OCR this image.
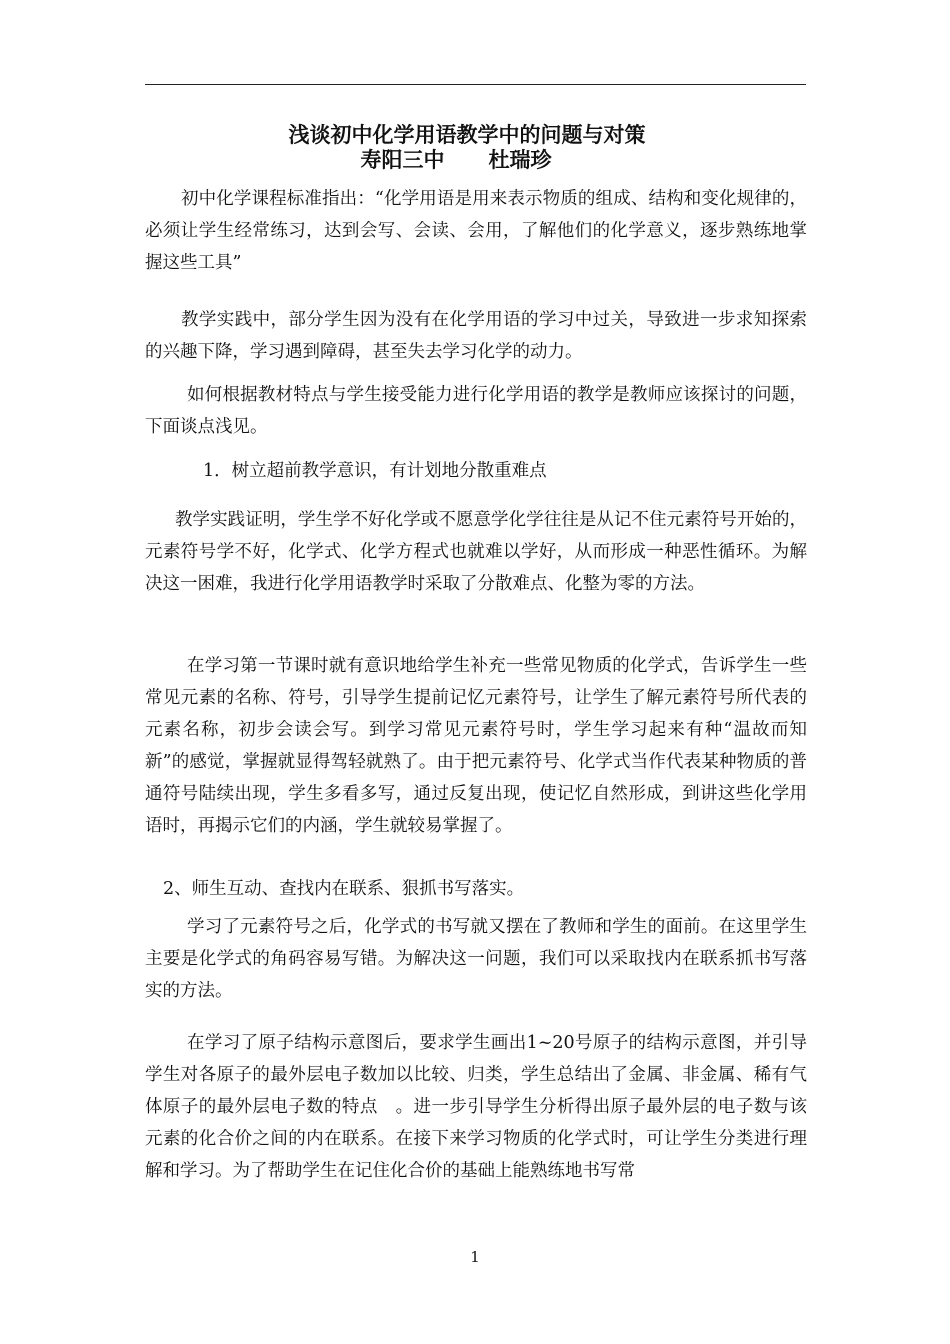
浅谈初中化学用语教学中的问题与对策
寿阳三中 杜瑞珍
初中化学课程标准指出：“化学用语是用来表示物质的组成、结构和变化规律的，必须让学生经常练习，达到会写、会读、会用，了解他们的化学意义，逐步熟练地掌握这些工具”
教学实践中，部分学生因为没有在化学用语的学习中过关，导致进一步求知探索的兴趣下降，学习遇到障碍，甚至失去学习化学的动力。
如何根据教材特点与学生接受能力进行化学用语的教学是教师应该探讨的问题，下面谈点浅见。
1．树立超前教学意识，有计划地分散重难点
教学实践证明，学生学不好化学或不愿意学化学往往是从记不住元素符号开始的，元素符号学不好，化学式、化学方程式也就难以学好，从而形成一种恶性循环。为解决这一困难，我进行化学用语教学时采取了分散难点、化整为零的方法。
在学习第一节课时就有意识地给学生补充一些常见物质的化学式，告诉学生一些常见元素的名称、符号，引导学生提前记忆元素符号，让学生了解元素符号所代表的元素名称，初步会读会写。到学习常见元素符号时，学生学习起来有种“温故而知新”的感觉，掌握就显得驾轻就熟了。由于把元素符号、化学式当作代表某种物质的普通符号陆续出现，学生多看多写，通过反复出现，使记忆自然形成，到讲这些化学用语时，再揭示它们的内涵，学生就较易掌握了。
2、师生互动、查找内在联系、狠抓书写落实。
学习了元素符号之后，化学式的书写就又摆在了教师和学生的面前。在这里学生主要是化学式的角码容易写错。为解决这一问题，我们可以采取找内在联系抓书写落实的方法。
在学习了原子结构示意图后，要求学生画出1~20号原子的结构示意图，并引导学生对各原子的最外层电子数加以比较、归类，学生总结出了金属、非金属、稀有气体原子的最外层电子数的特点　。进一步引导学生分析得出原子最外层的电子数与该元素的化合价之间的内在联系。在接下来学习物质的化学式时，可让学生分类进行理解和学习。为了帮助学生在记住化合价的基础上能熟练地书写常
1
